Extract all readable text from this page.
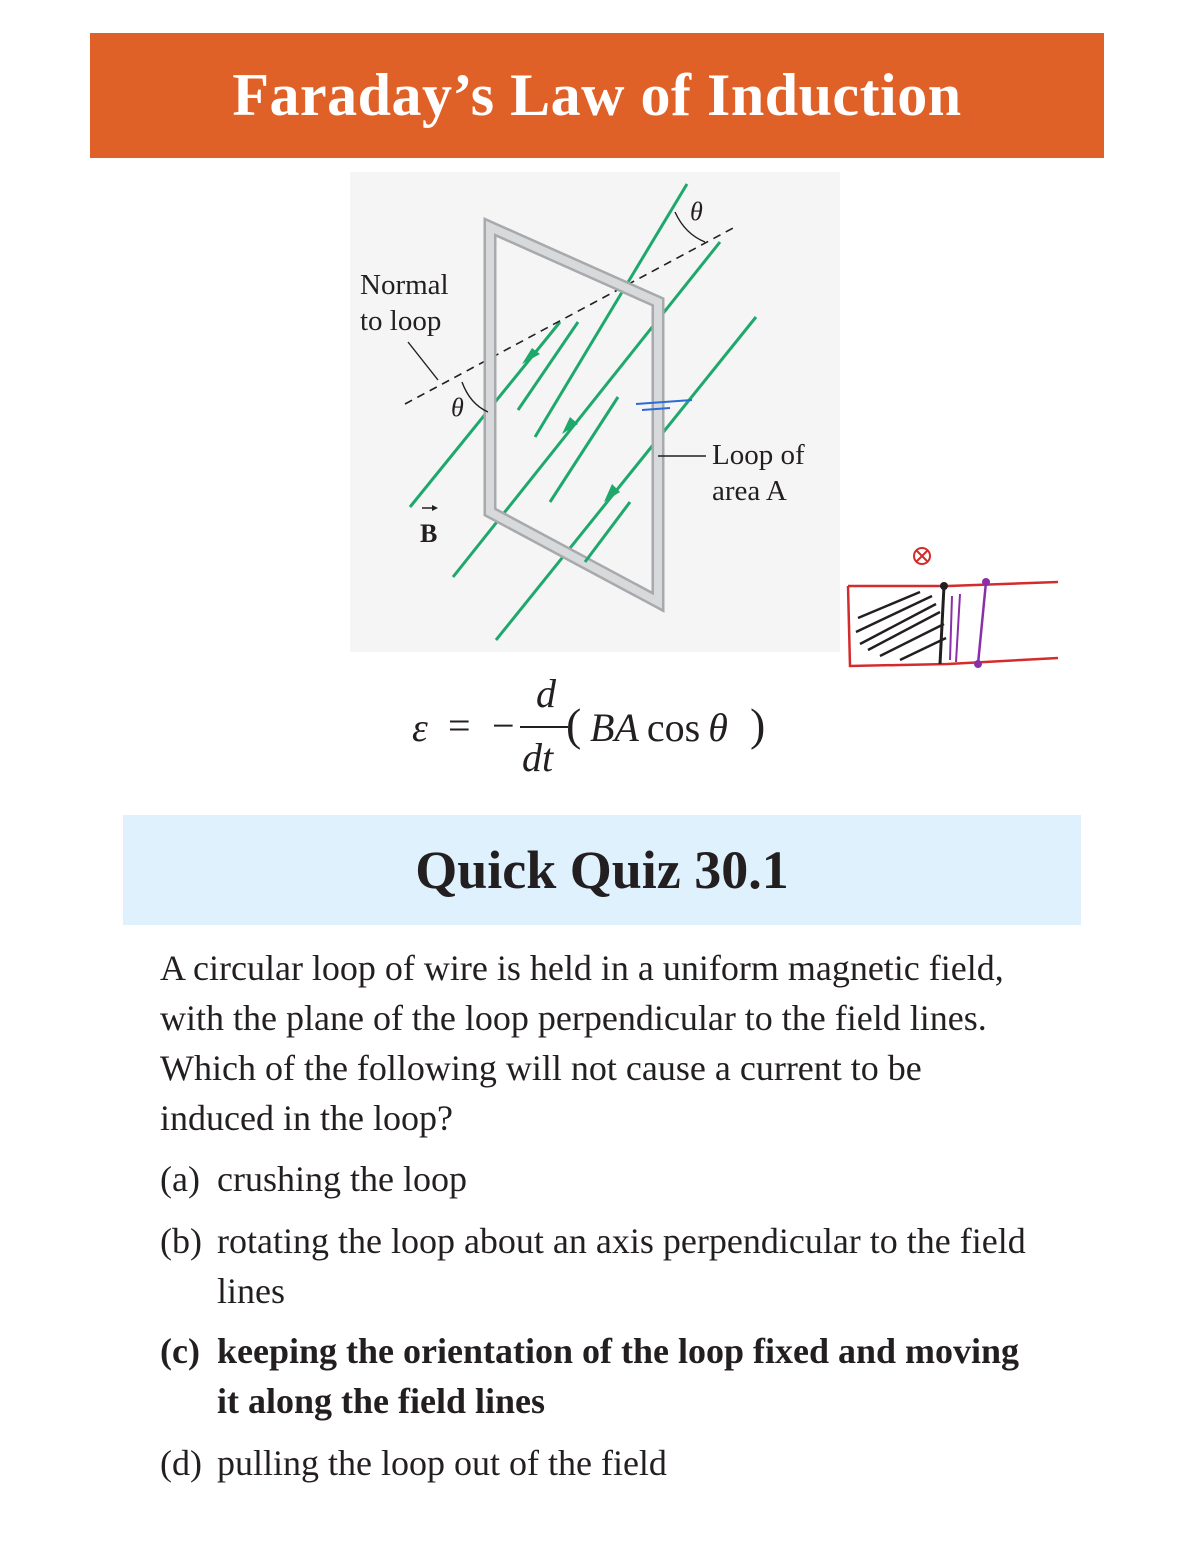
Faraday’s Law of Induction
Normal
to loop
θ
θ
B
Loop of
area A
ε = −
d
dt
( BA  cos  θ )
Quick Quiz 30.1

A circular loop of wire is held in a uniform magnetic field, with the plane of the loop perpendicular to the field lines. Which of the following will not cause a current to be induced in the loop?

(a) crushing the loop
(b) rotating the loop about an axis perpendicular to the field lines
(c) keeping the orientation of the loop fixed and moving it along the field lines
(d) pulling the loop out of the field
